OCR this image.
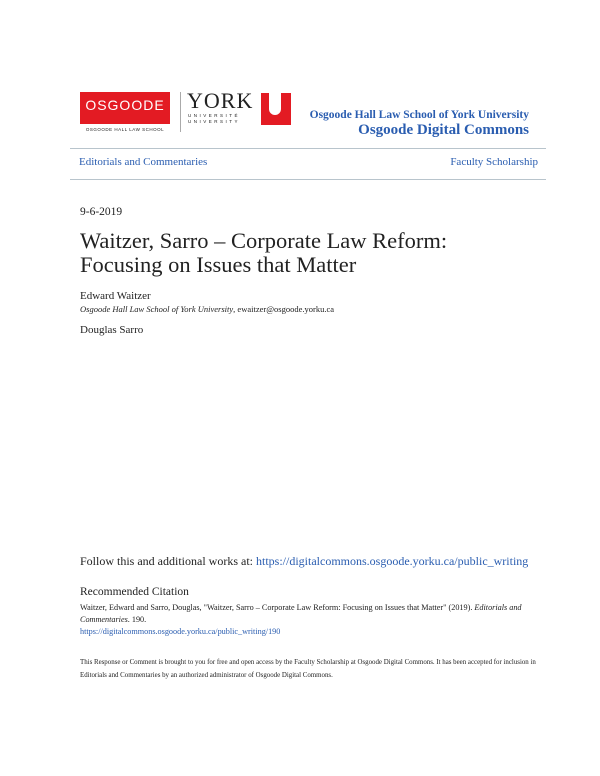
OSGOODE
OSGOODE HALL LAW SCHOOL
YORK
UNIVERSITÉ
UNIVERSITY
Osgoode Hall Law School of York University
Osgoode Digital Commons
Editorials and Commentaries	Faculty Scholarship
9-6-2019
Waitzer, Sarro – Corporate Law Reform: Focusing on Issues that Matter
Edward Waitzer
Osgoode Hall Law School of York University, ewaitzer@osgoode.yorku.ca
Douglas Sarro
Follow this and additional works at: https://digitalcommons.osgoode.yorku.ca/public_writing
Recommended Citation
Waitzer, Edward and Sarro, Douglas, "Waitzer, Sarro – Corporate Law Reform: Focusing on Issues that Matter" (2019). Editorials and Commentaries. 190.
https://digitalcommons.osgoode.yorku.ca/public_writing/190
This Response or Comment is brought to you for free and open access by the Faculty Scholarship at Osgoode Digital Commons. It has been accepted for inclusion in Editorials and Commentaries by an authorized administrator of Osgoode Digital Commons.
